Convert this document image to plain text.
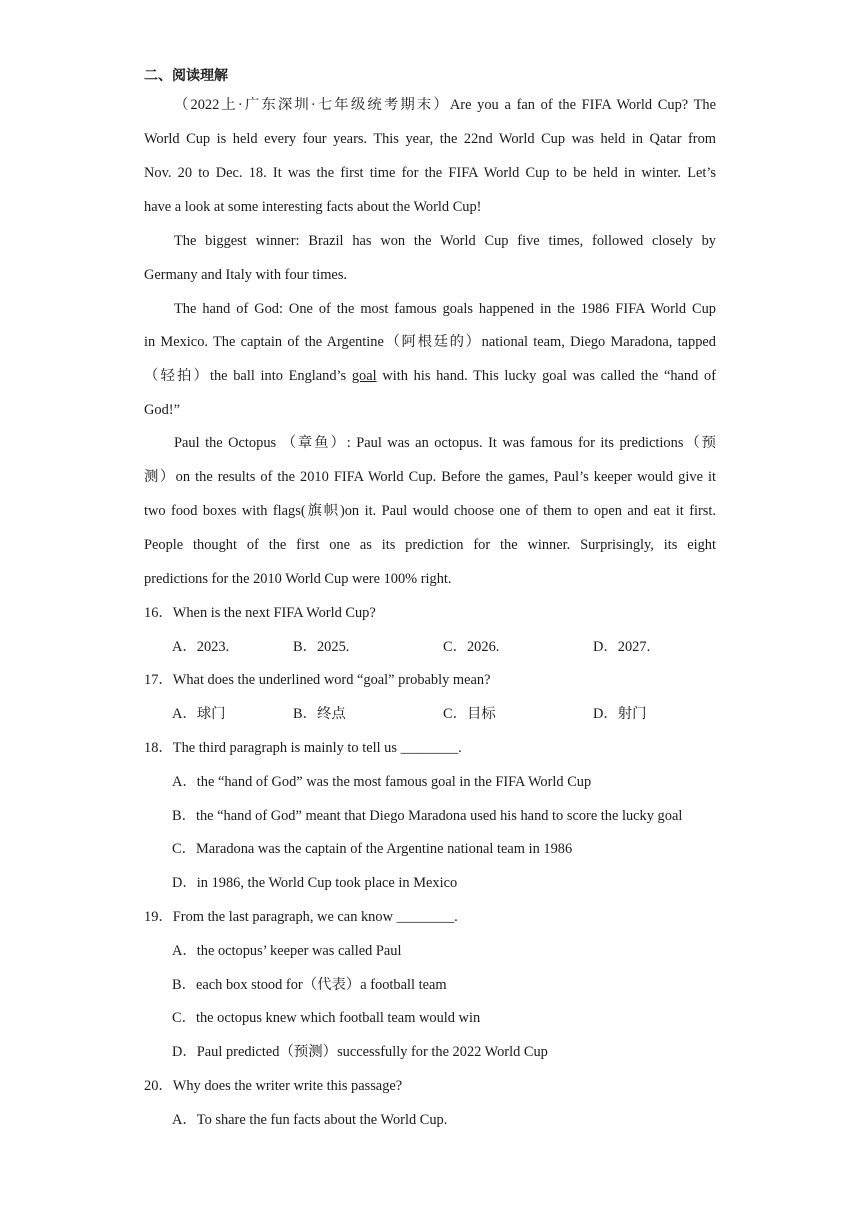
二、阅读理解
（2022上·广东深圳·七年级统考期末）Are you a fan of the FIFA World Cup? The
World Cup is held every four years. This year, the 22nd World Cup was held in Qatar from
Nov. 20 to Dec. 18. It was the first time for the FIFA World Cup to be held in winter. Let’s
have a look at some interesting facts about the World Cup!
The biggest winner: Brazil has won the World Cup five times, followed closely by
Germany and Italy with four times.
The hand of God: One of the most famous goals happened in the 1986 FIFA World Cup
in Mexico. The captain of the Argentine（阿根廷的）national team, Diego Maradona, tapped
（轻拍）the ball into England’s goal with his hand. This lucky goal was called the “hand of
God!”
Paul the Octopus （章鱼）: Paul was an octopus. It was famous for its predictions（预
测）on the results of the 2010 FIFA World Cup. Before the games, Paul’s keeper would give it
two food boxes with flags(旗帜)on it. Paul would choose one of them to open and eat it first.
People thought of the first one as its prediction for the winner. Surprisingly, its eight
predictions for the 2010 World Cup were 100% right.
16．When is the next FIFA World Cup?
A．2023.	B．2025.	C．2026.	D．2027.
17．What does the underlined word “goal” probably mean?
A．球门	B．终点	C．目标	D．射门
18．The third paragraph is mainly to tell us ________.
A．the “hand of God” was the most famous goal in the FIFA World Cup
B．the “hand of God” meant that Diego Maradona used his hand to score the lucky goal
C．Maradona was the captain of the Argentine national team in 1986
D．in 1986, the World Cup took place in Mexico
19．From the last paragraph, we can know ________.
A．the octopus’ keeper was called Paul
B．each box stood for（代表）a football team
C．the octopus knew which football team would win
D．Paul predicted（预测）successfully for the 2022 World Cup
20．Why does the writer write this passage?
A．To share the fun facts about the World Cup.
